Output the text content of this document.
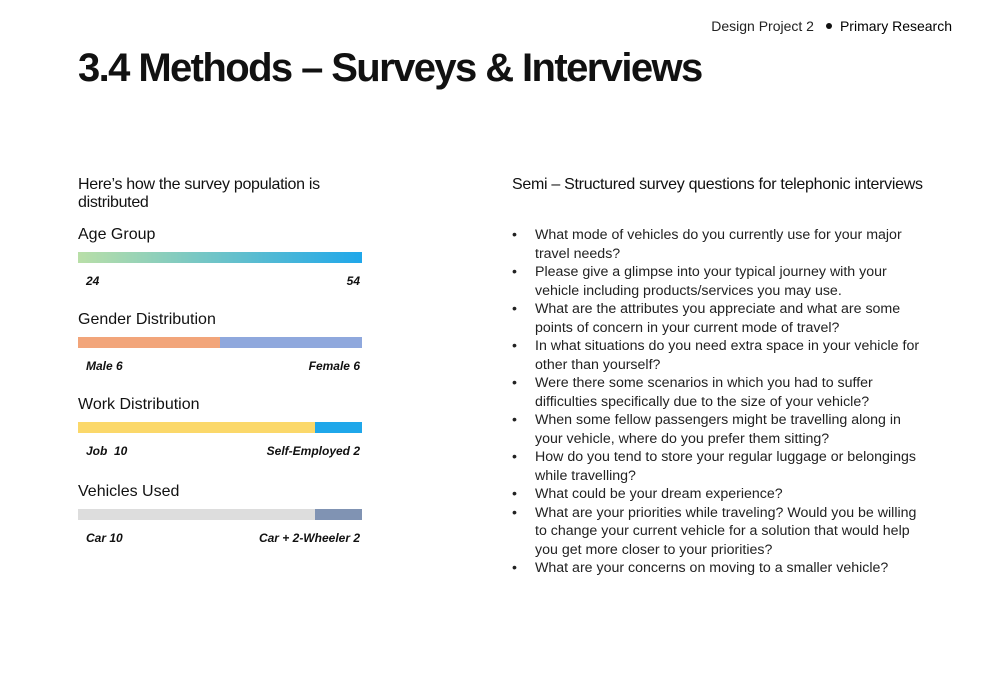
Design Project 2 Primary Research
3.4 Methods – Surveys & Interviews

Here’s how the survey population is distributed

Age Group

24	54

Gender Distribution

Male 6	Female 6

Work Distribution

Job  10	Self-Employed 2

Vehicles Used

Car 10	Car + 2-Wheeler 2

Semi – Structured survey questions for telephonic interviews

• What mode of vehicles do you currently use for your major travel needs?
• Please give a glimpse into your typical journey with your vehicle including products/services you may use.
• What are the attributes you appreciate and what are some points of concern in your current mode of travel?
• In what situations do you need extra space in your vehicle for other than yourself?
• Were there some scenarios in which you had to suffer difficulties specifically due to the size of your vehicle?
• When some fellow passengers might be travelling along in your vehicle, where do you prefer them sitting?
• How do you tend to store your regular luggage or belongings while travelling?
• What could be your dream experience?
• What are your priorities while traveling? Would you be willing to change your current vehicle for a solution that would help you get more closer to your priorities?
• What are your concerns on moving to a smaller vehicle?
